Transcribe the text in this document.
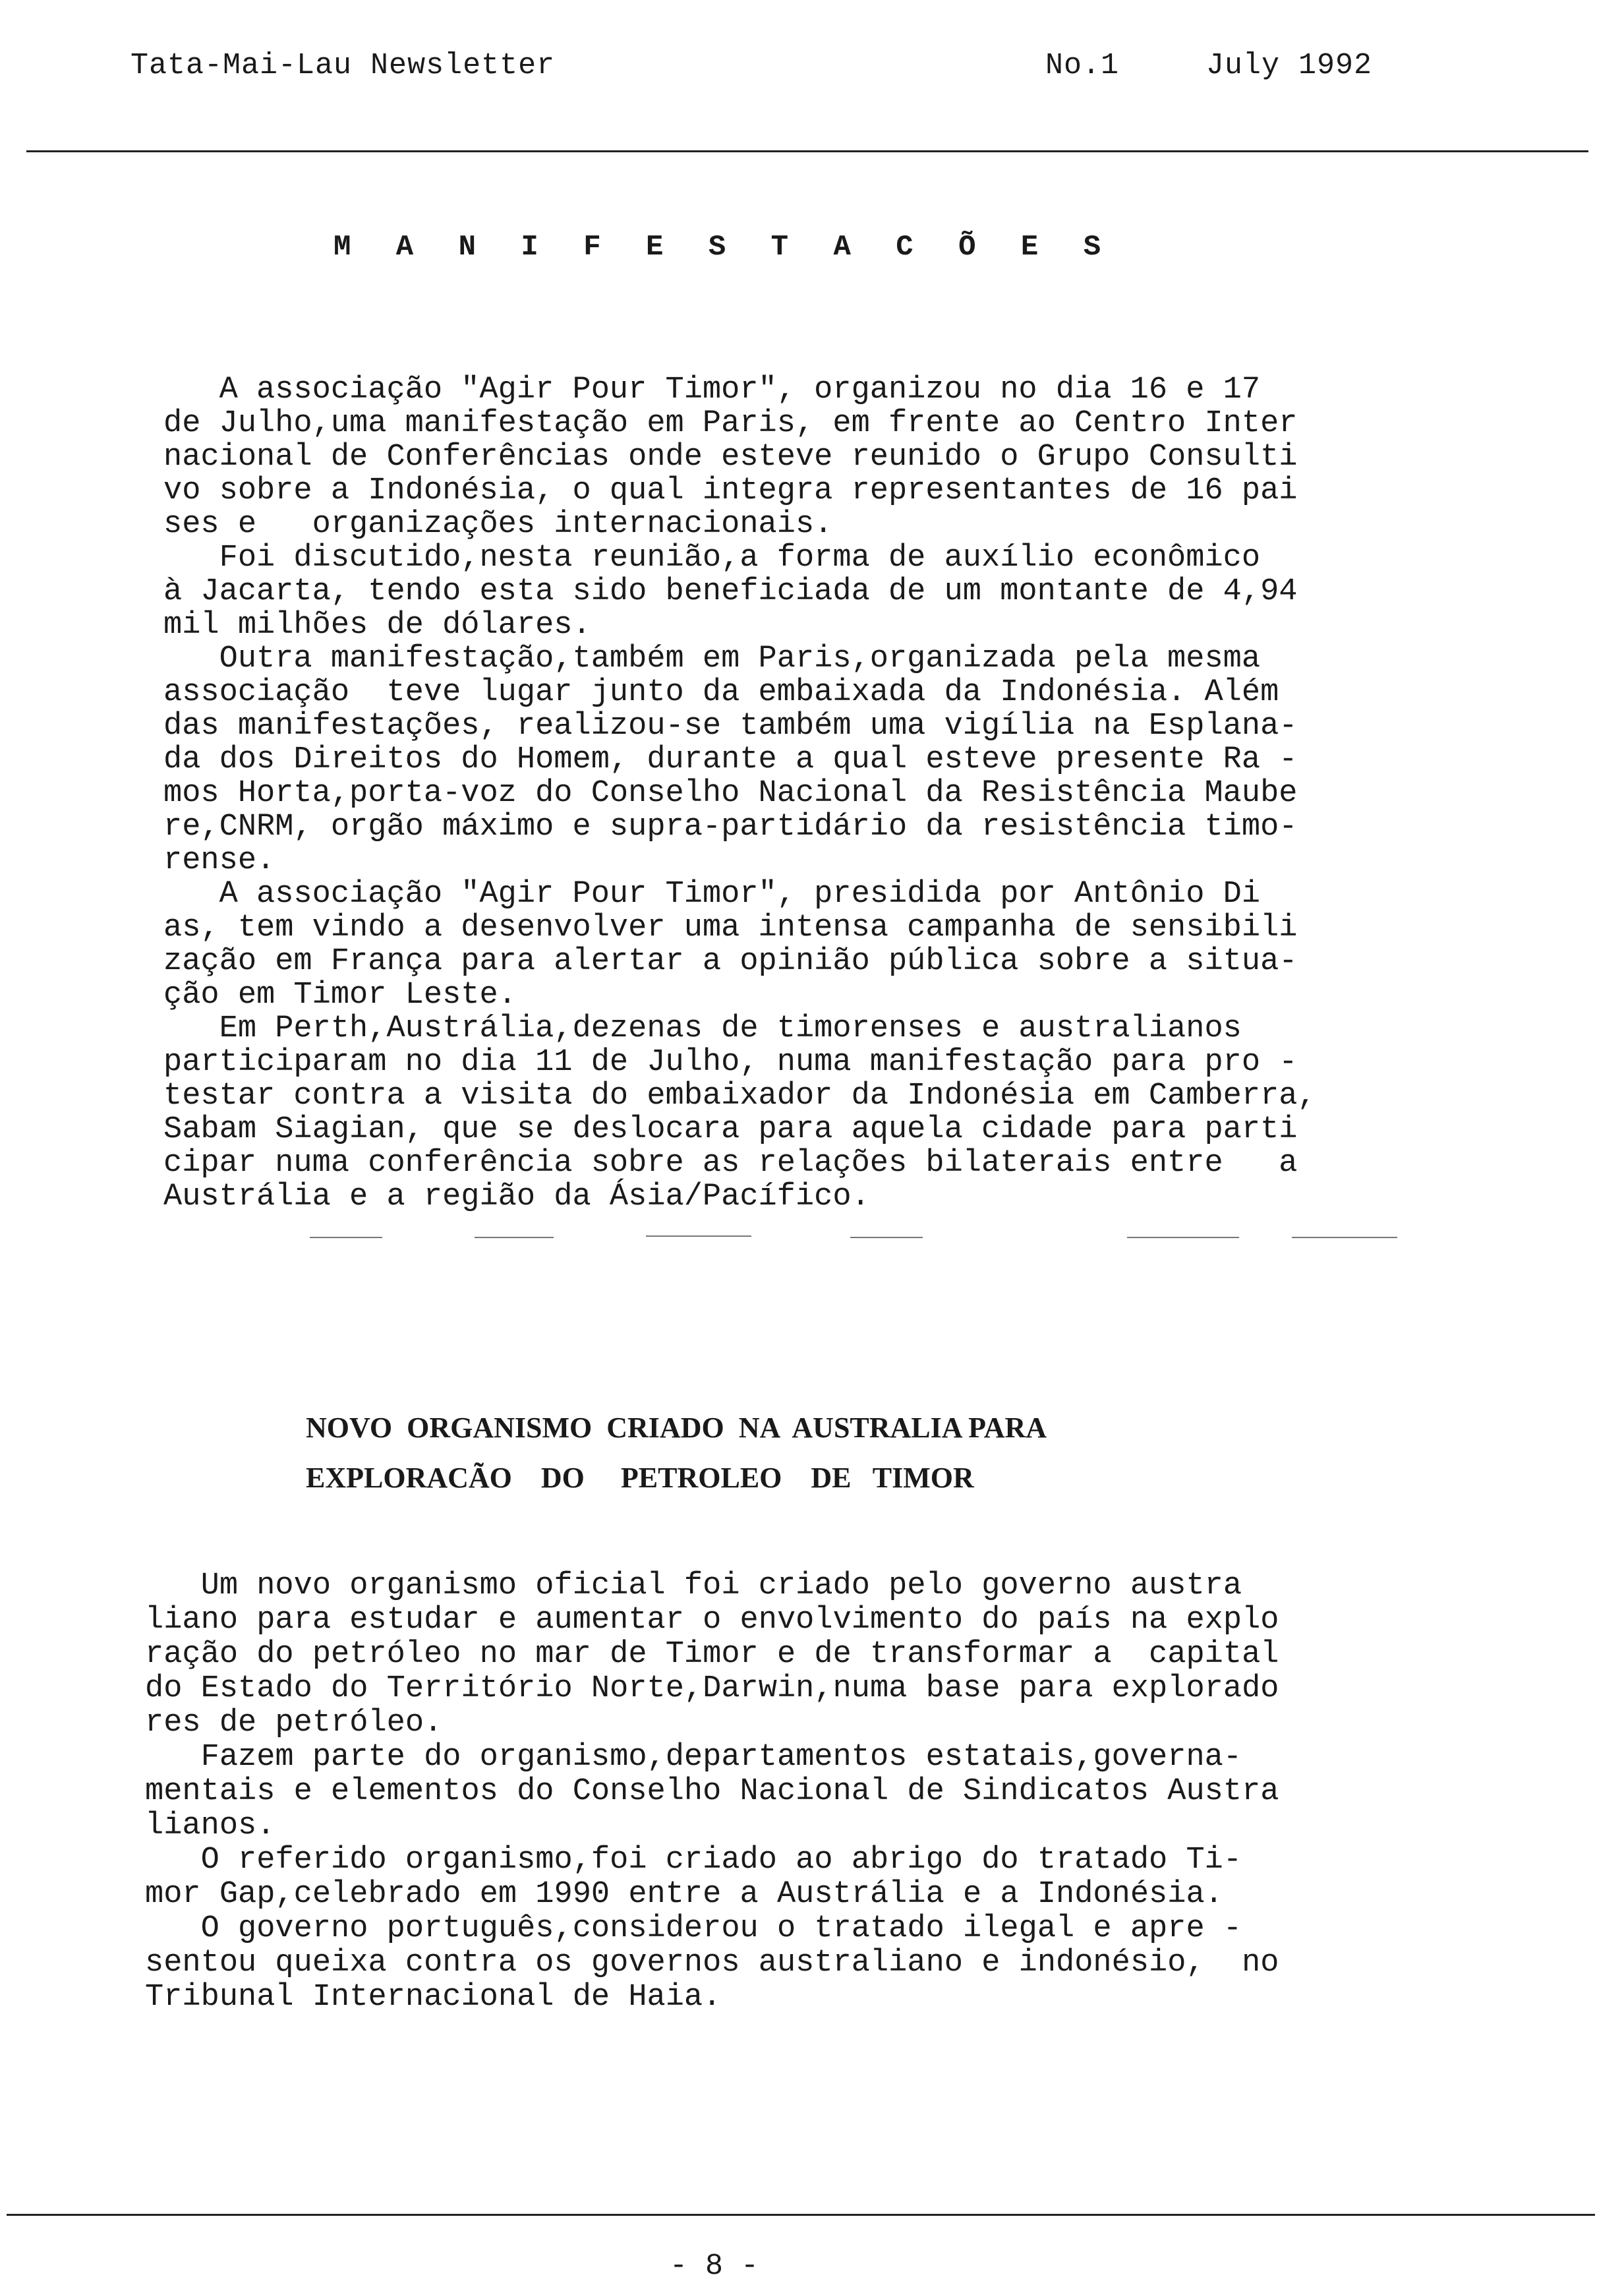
Tata-Mai-Lau Newsletter	No.1	July 1992
M A N I F E S T A C Õ E S
A associação "Agir Pour Timor", organizou no dia 16 e 17
de Julho,uma manifestação em Paris, em frente ao Centro Inter
nacional de Conferências onde esteve reunido o Grupo Consulti
vo sobre a Indonésia, o qual integra representantes de 16 pai
ses e   organizações internacionais.
Foi discutido,nesta reunião,a forma de auxílio econômico
à Jacarta, tendo esta sido beneficiada de um montante de 4,94
mil milhões de dólares.
Outra manifestação,também em Paris,organizada pela mesma
associação  teve lugar junto da embaixada da Indonésia. Além
das manifestações, realizou-se também uma vigília na Esplana-
da dos Direitos do Homem, durante a qual esteve presente Ra -
mos Horta,porta-voz do Conselho Nacional da Resistência Maube
re,CNRM, orgão máximo e supra-partidário da resistência timo-
rense.
A associação "Agir Pour Timor", presidida por Antônio Di
as, tem vindo a desenvolver uma intensa campanha de sensibili
zação em França para alertar a opinião pública sobre a situa-
ção em Timor Leste.
Em Perth,Austrália,dezenas de timorenses e australianos
participaram no dia 11 de Julho, numa manifestação para pro -
testar contra a visita do embaixador da Indonésia em Camberra,
Sabam Siagian, que se deslocara para aquela cidade para parti
cipar numa conferência sobre as relações bilaterais entre   a
Austrália e a região da Ásia/Pacífico.
NOVO  ORGANISMO  CRIADO  NA  AUSTRALIA PARA
EXPLORACÃO    DO     PETROLEO    DE   TIMOR
Um novo organismo oficial foi criado pelo governo austra
liano para estudar e aumentar o envolvimento do país na explo
ração do petróleo no mar de Timor e de transformar a  capital
do Estado do Território Norte,Darwin,numa base para explorado
res de petróleo.
Fazem parte do organismo,departamentos estatais,governa-
mentais e elementos do Conselho Nacional de Sindicatos Austra
lianos.
O referido organismo,foi criado ao abrigo do tratado Ti-
mor Gap,celebrado em 1990 entre a Austrália e a Indonésia.
O governo português,considerou o tratado ilegal e apre -
sentou queixa contra os governos australiano e indonésio,  no
Tribunal Internacional de Haia.
- 8 -
